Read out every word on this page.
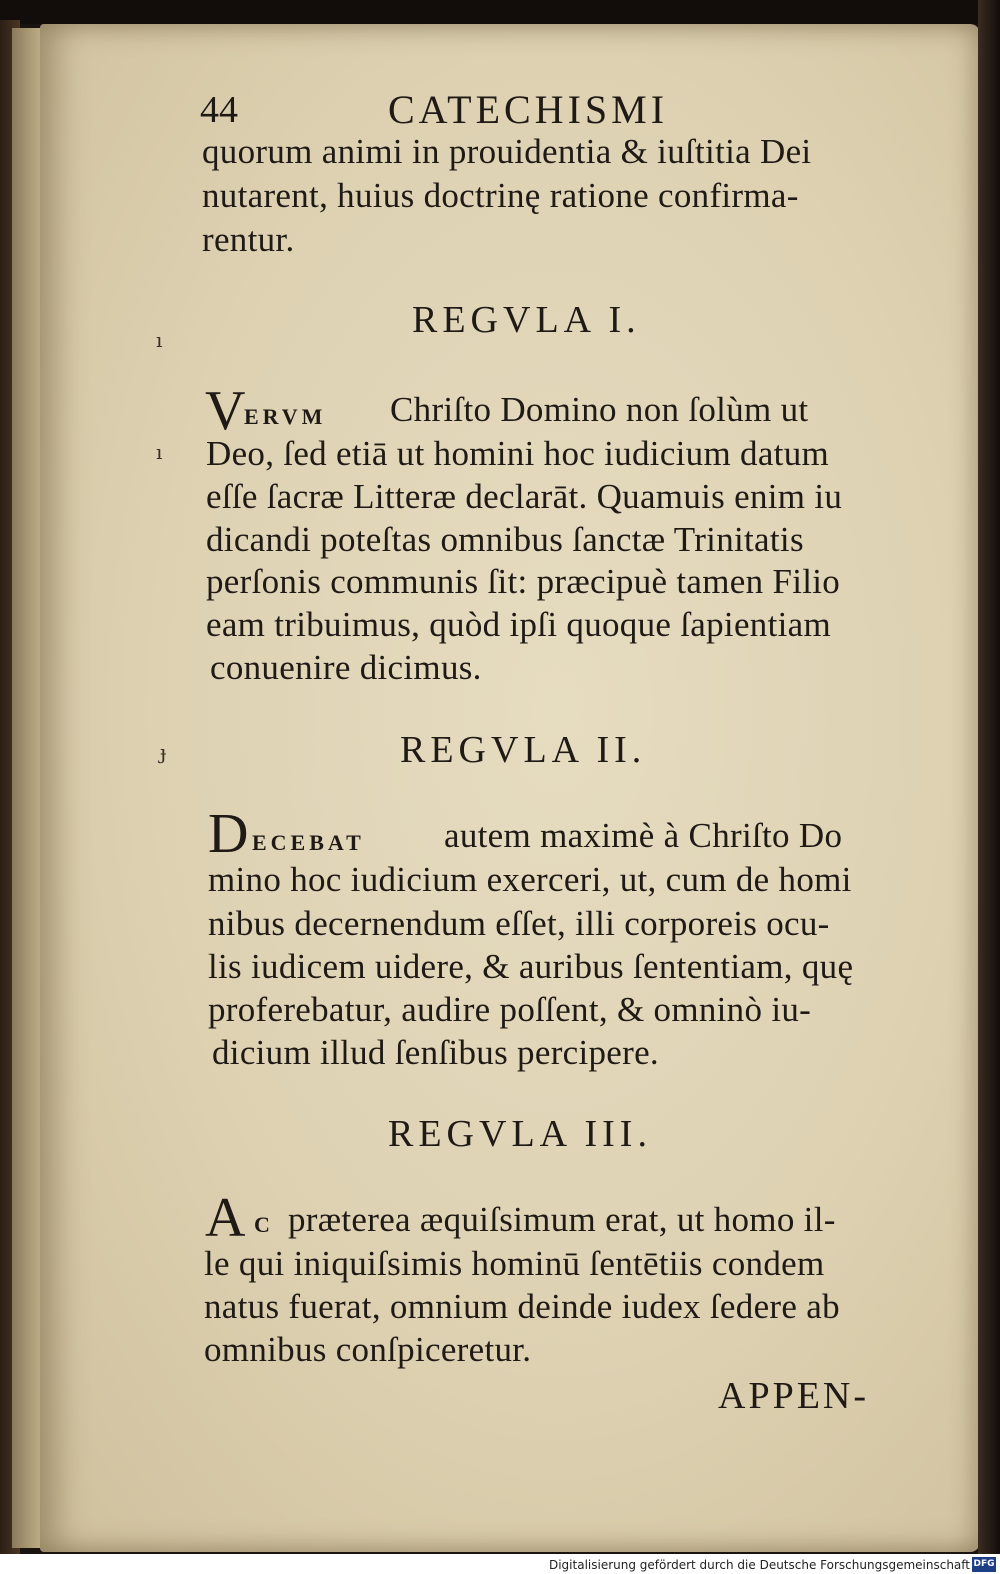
44	CATECHISMI
quorum animi in prouidentia & iuſtitia Dei
nutarent, huius doctrinę ratione confirma-
rentur.
REGVLA I.
V
ERVM Chriſto Domino non ſolùm ut
Deo, ſed etiā ut homini hoc iudicium datum
eſſe ſacræ Litteræ declarāt. Quamuis enim iu
dicandi poteſtas omnibus ſanctæ Trinitatis
perſonis communis ſit: præcipuè tamen Filio
eam tribuimus, quòd ipſi quoque ſapientiam
conuenire dicimus.
REGVLA II.
D ECEBAT autem maximè à Chriſto Do
mino hoc iudicium exerceri, ut, cum de homi
nibus decernendum eſſet, illi corporeis ocu-
lis iudicem uidere, & auribus ſententiam, quę
proferebatur, audire poſſent, & omninò iu-
dicium illud ſenſibus percipere.
REGVLA III.
A C præterea æquiſsimum erat, ut homo il-
le qui iniquiſsimis hominū ſentētiis condem
natus fuerat, omnium deinde iudex ſedere ab
omnibus conſpiceretur.
APPEN-
ı
ı
ɟ
Digitalisierung gefördert durch die Deutsche Forschungsgemeinschaft DFG
